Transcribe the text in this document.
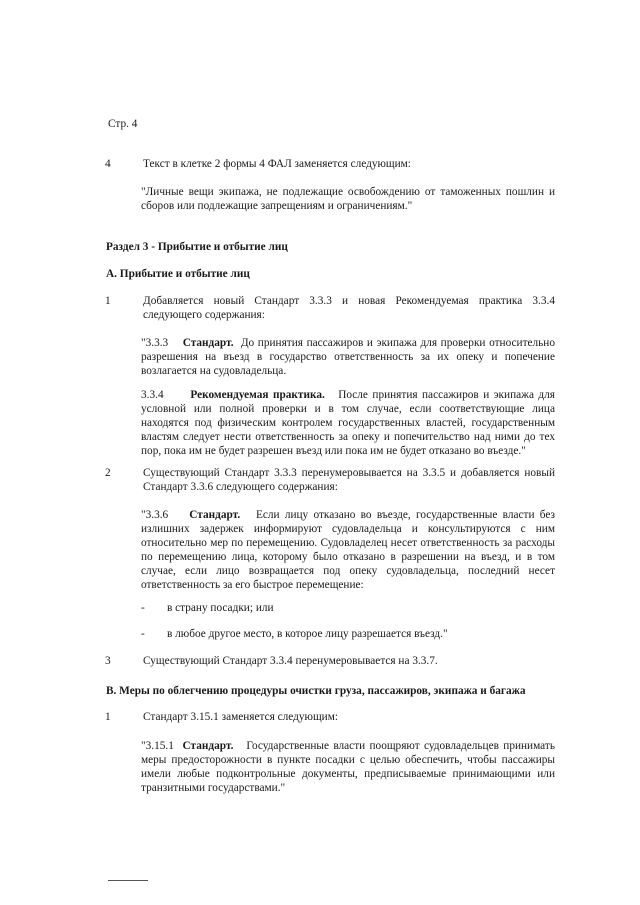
Стр. 4

4	Текст в клетке 2 формы 4 ФАЛ заменяется следующим:

"Личные вещи экипажа, не подлежащие освобождению от таможенных пошлин и сборов или подлежащие запрещениям и ограничениям."

Раздел 3 - Прибытие и отбытие лиц

А. Прибытие и отбытие лиц

1	Добавляется новый Стандарт 3.3.3 и новая Рекомендуемая практика 3.3.4 следующего содержания:

"3.3.3 Стандарт. До принятия пассажиров и экипажа для проверки относительно разрешения на въезд в государство ответственность за их опеку и попечение возлагается на судовладельца.

3.3.4 Рекомендуемая практика. После принятия пассажиров и экипажа для условной или полной проверки и в том случае, если соответствующие лица находятся под физическим контролем государственных властей, государственным властям следует нести ответственность за опеку и попечительство над ними до тех пор, пока им не будет разрешен въезд или пока им не будет отказано во въезде."

2	Существующий Стандарт 3.3.3 перенумеровывается на 3.3.5 и добавляется новый Стандарт 3.3.6 следующего содержания:

"3.3.6 Стандарт. Если лицу отказано во въезде, государственные власти без излишних задержек информируют судовладельца и консультируются с ним относительно мер по перемещению. Судовладелец несет ответственность за расходы по перемещению лица, которому было отказано в разрешении на въезд, и в том случае, если лицо возвращается под опеку судовладельца, последний несет ответственность за его быстрое перемещение:

- в страну посадки; или

- в любое другое место, в которое лицу разрешается въезд."

3	Существующий Стандарт 3.3.4 перенумеровывается на 3.3.7.

В. Меры по облегчению процедуры очистки груза, пассажиров, экипажа и багажа

1	Стандарт 3.15.1 заменяется следующим:

"3.15.1 Стандарт. Государственные власти поощряют судовладельцев принимать меры предосторожности в пункте посадки с целью обеспечить, чтобы пассажиры имели любые подконтрольные документы, предписываемые принимающими или транзитными государствами."
